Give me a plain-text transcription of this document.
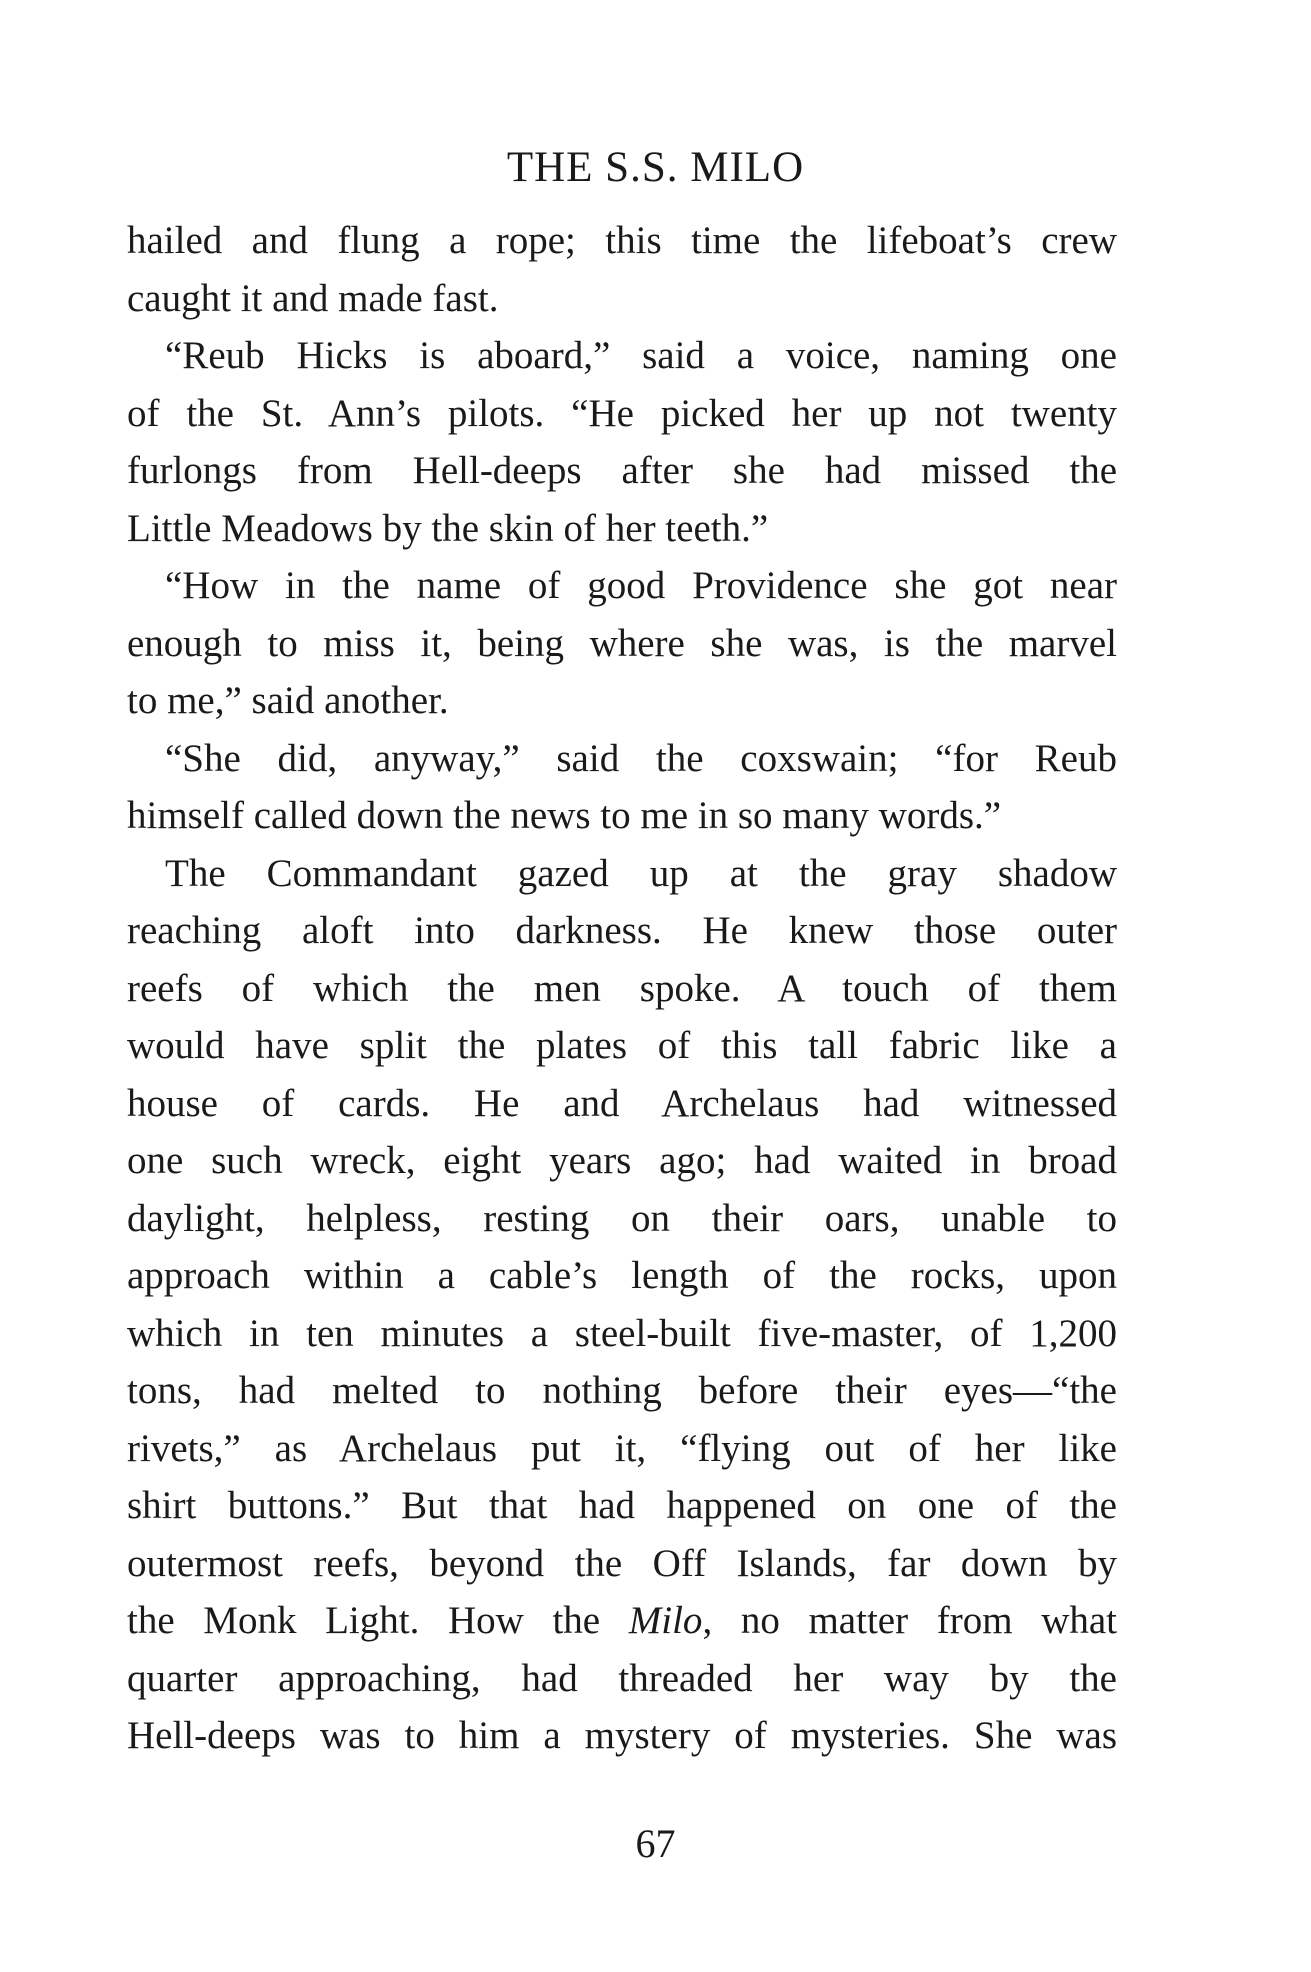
THE S.S. MILO
hailed and flung a rope; this time the lifeboat’s crew
caught it and made fast.
“Reub Hicks is aboard,” said a voice, naming one
of the St. Ann’s pilots. “He picked her up not twenty
furlongs from Hell-deeps after she had missed the
Little Meadows by the skin of her teeth.”
“How in the name of good Providence she got near
enough to miss it, being where she was, is the marvel
to me,” said another.
“She did, anyway,” said the coxswain; “for Reub
himself called down the news to me in so many words.”
The Commandant gazed up at the gray shadow
reaching aloft into darkness. He knew those outer
reefs of which the men spoke. A touch of them
would have split the plates of this tall fabric like a
house of cards. He and Archelaus had witnessed
one such wreck, eight years ago; had waited in broad
daylight, helpless, resting on their oars, unable to
approach within a cable’s length of the rocks, upon
which in ten minutes a steel-built five-master, of 1,200
tons, had melted to nothing before their eyes—“the
rivets,” as Archelaus put it, “flying out of her like
shirt buttons.” But that had happened on one of the
outermost reefs, beyond the Off Islands, far down by
the Monk Light. How the Milo, no matter from what
quarter approaching, had threaded her way by the
Hell-deeps was to him a mystery of mysteries. She was
67
